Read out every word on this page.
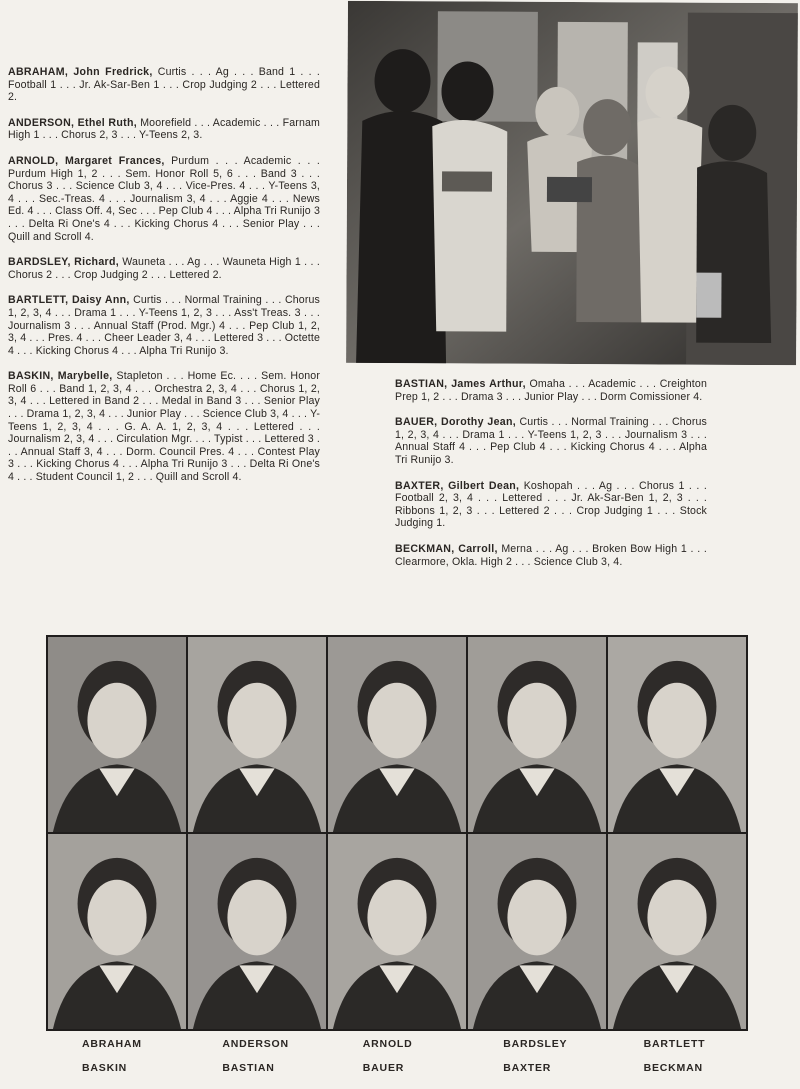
ABRAHAM, John Fredrick, Curtis . . . Ag . . . Band 1 . . . Football 1 . . . Jr. Ak-Sar-Ben 1 . . . Crop Judging 2 . . . Lettered 2.

ANDERSON, Ethel Ruth, Moorefield . . . Academic . . . Farnam High 1 . . . Chorus 2, 3 . . . Y-Teens 2, 3.

ARNOLD, Margaret Frances, Purdum . . . Academic . . . Purdum High 1, 2 . . . Sem. Honor Roll 5, 6 . . . Band 3 . . . Chorus 3 . . . Science Club 3, 4 . . . Vice-Pres. 4 . . . Y-Teens 3, 4 . . . Sec.-Treas. 4 . . . Journalism 3, 4 . . . Aggie 4 . . . News Ed. 4 . . . Class Off. 4, Sec . . . Pep Club 4 . . . Alpha Tri Runijo 3 . . . Delta Ri One's 4 . . . Kicking Chorus 4 . . . Senior Play . . . Quill and Scroll 4.

BARDSLEY, Richard, Wauneta . . . Ag . . . Wauneta High 1 . . . Chorus 2 . . . Crop Judging 2 . . . Lettered 2.

BARTLETT, Daisy Ann, Curtis . . . Normal Training . . . Chorus 1, 2, 3, 4 . . . Drama 1 . . . Y-Teens 1, 2, 3 . . . Ass't Treas. 3 . . . Journalism 3 . . . Annual Staff (Prod. Mgr.) 4 . . . Pep Club 1, 2, 3, 4 . . . Pres. 4 . . . Cheer Leader 3, 4 . . . Lettered 3 . . . Octette 4 . . . Kicking Chorus 4 . . . Alpha Tri Runijo 3.

BASKIN, Marybelle, Stapleton . . . Home Ec. . . . Sem. Honor Roll 6 . . . Band 1, 2, 3, 4 . . . Orchestra 2, 3, 4 . . . Chorus 1, 2, 3, 4 . . . Lettered in Band 2 . . . Medal in Band 3 . . . Senior Play . . . Drama 1, 2, 3, 4 . . . Junior Play . . . Science Club 3, 4 . . . Y-Teens 1, 2, 3, 4 . . . G. A. A. 1, 2, 3, 4 . . . Lettered . . . Journalism 2, 3, 4 . . . Circulation Mgr. . . . Typist . . . Lettered 3 . . . Annual Staff 3, 4 . . . Dorm. Council Pres. 4 . . . Contest Play 3 . . . Kicking Chorus 4 . . . Alpha Tri Runijo 3 . . . Delta Ri One's 4 . . . Student Council 1, 2 . . . Quill and Scroll 4.

BASTIAN, James Arthur, Omaha . . . Academic . . . Creighton Prep 1, 2 . . . Drama 3 . . . Junior Play . . . Dorm Comissioner 4.

BAUER, Dorothy Jean, Curtis . . . Normal Training . . . Chorus 1, 2, 3, 4 . . . Drama 1 . . . Y-Teens 1, 2, 3 . . . Journalism 3 . . . Annual Staff 4 . . . Pep Club 4 . . . Kicking Chorus 4 . . . Alpha Tri Runijo 3.

BAXTER, Gilbert Dean, Koshopah . . . Ag . . . Chorus 1 . . . Football 2, 3, 4 . . . Lettered . . . Jr. Ak-Sar-Ben 1, 2, 3 . . . Ribbons 1, 2, 3 . . . Lettered 2 . . . Crop Judging 1 . . . Stock Judging 1.

BECKMAN, Carroll, Merna . . . Ag . . . Broken Bow High 1 . . . Clearmore, Okla. High 2 . . . Science Club 3, 4.

ABRAHAM	ANDERSON	ARNOLD	BARDSLEY	BARTLETT
BASKIN	BASTIAN	BAUER	BAXTER	BECKMAN
